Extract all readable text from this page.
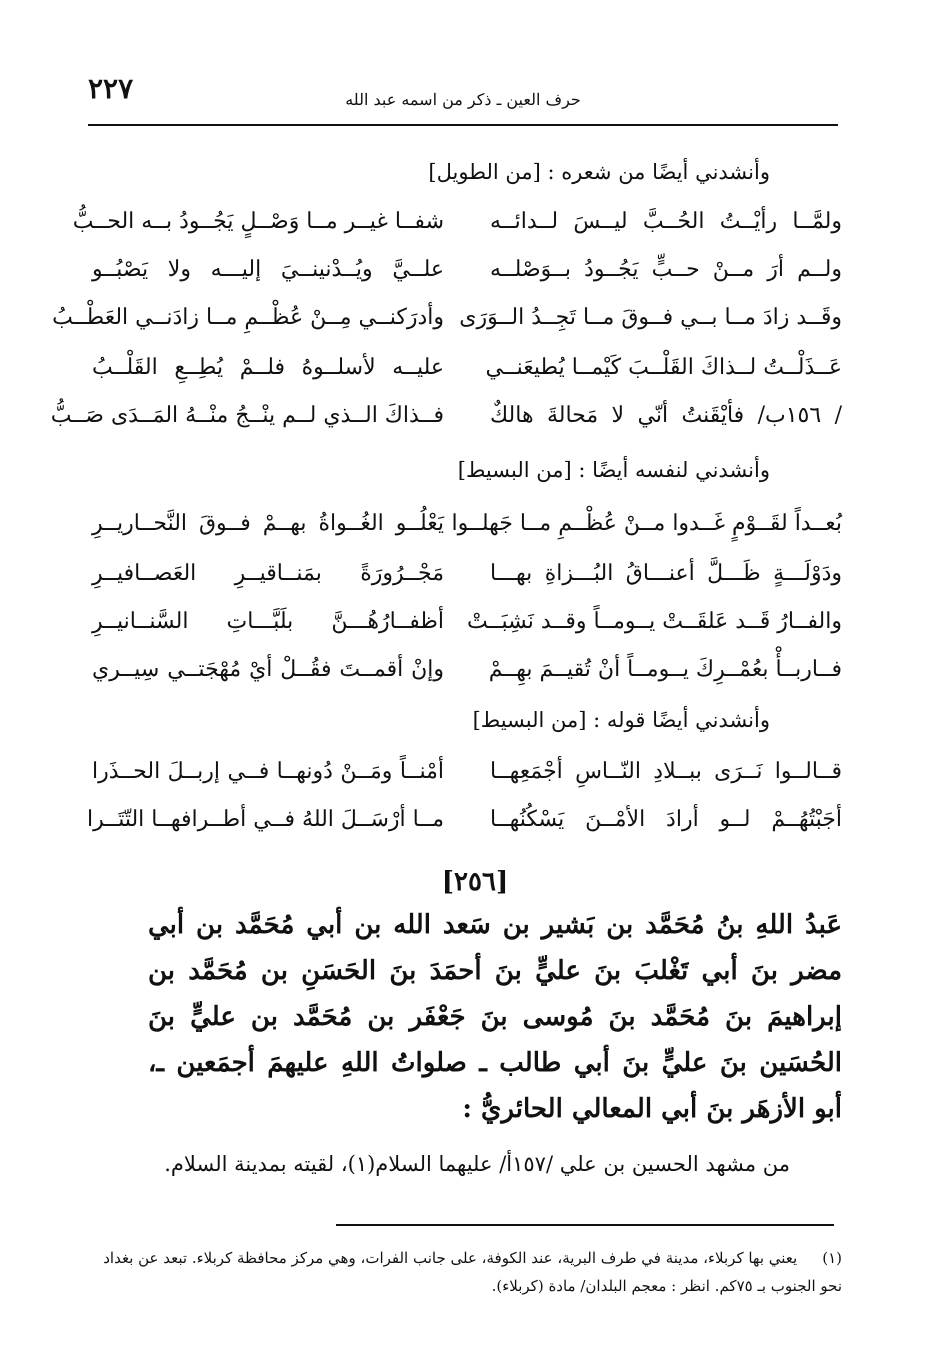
٢٢٧	حرف العين ـ ذكر من اسمه عبد الله
وأنشدني أيضًا من شعره : [من الطويل]
ولمَّــا رأيْــتُ الحُــبَّ ليــسَ لــدائــه
شفــا غيــر مــا وَصْــلٍ يَجُــودُ بــه الحــبُّ
ولــم أرَ مــنْ حــبٍّ يَجُــودُ بــوَصْلــه
علــيَّ ويُــدْنينــيَ إليـــه ولا يَصْبُــو
وقَــد زادَ مــا بــي فــوقَ مــا تَجِــدُ الــوَرَى
وأدرَكنــي مِــنْ عُظْــمِ مــا زادَنــي العَطْــبُ
عَــذَلْــتُ لــذاكَ القَلْــبَ كَيْمــا يُطيعَنــي
عليــه لأسلــوهُ فلــمْ يُطِــعِ القَلْــبُ
/ ١٥٦ب/ فأيْقَنتُ أنّي لا مَحالةَ هالكٌ
فــذاكَ الــذي لــم ينْــجُ منْــهُ المَــدَى صَــبُّ
وأنشدني لنفسه أيضًا : [من البسيط]
بُعــداً لقَــوْمٍ غَــدوا مــنْ عُظْــمِ مــا جَهلــوا
يَعْلُــو الغُــواةُ بهــمْ فــوقَ النَّحــاريــرِ
ودَوْلَـــةٍ ظَـــلَّ أعنـــاقُ البُـــزاةِ بهـــا
مَجْــرُورَةً بمَنــاقيــرِ العَصــافيــرِ
والفــارُ قَــد عَلقَــتْ يــومــاً وقــد نَشِبَــتْ
أظفــارُهُـــنَّ بلَبَّـــاتِ السَّنــانيــرِ
فــاربــأْ بعُمْــرِكَ يــومــاً أنْ تُقيــمَ بهِــمْ
وإنْ أقمــتَ فقُــلْ أيْ مُهْجَتــي سِيــري
وأنشدني أيضًا قوله : [من البسيط]
قــالــوا نَــرَى ببــلادِ النّــاسِ أجْمَعِهــا
أمْنــاً ومَــنْ دُونهــا فــي إربــلَ الحــذَرا
أجَبْتُهُــمْ لــو أرادَ الأمْــنَ يَسْكُنُهــا
مــا أرْسَــلَ اللهُ فــي أطــرافهــا التّتَــرا
[٢٥٦]
عَبدُ اللهِ بنُ مُحَمَّد بن بَشير بن سَعد الله بن أبي مُحَمَّد بن أبي
مضر بنَ أبي تَغْلبَ بنَ عليٍّ بنَ أحمَدَ بنَ الحَسَنِ بن مُحَمَّد بن
إبراهيمَ بنَ مُحَمَّد بنَ مُوسى بنَ جَعْفَر بن مُحَمَّد بن عليٍّ بنَ
الحُسَين بنَ عليٍّ بنَ أبي طالب ـ صلواتُ اللهِ عليهمَ أجمَعين ـ،
أبو الأزهَر بنَ أبي المعالي الحائريُّ :
من مشهد الحسين بن علي /١٥٧أ/ عليهما السلام(١)، لقيته بمدينة السلام.
(١) يعني بها كربلاء، مدينة في طرف البرية، عند الكوفة، على جانب الفرات، وهي مركز محافظة كربلاء. تبعد عن بغداد نحو الجنوب بـ ٧٥كم. انظر : معجم البلدان/ مادة (كربلاء).
